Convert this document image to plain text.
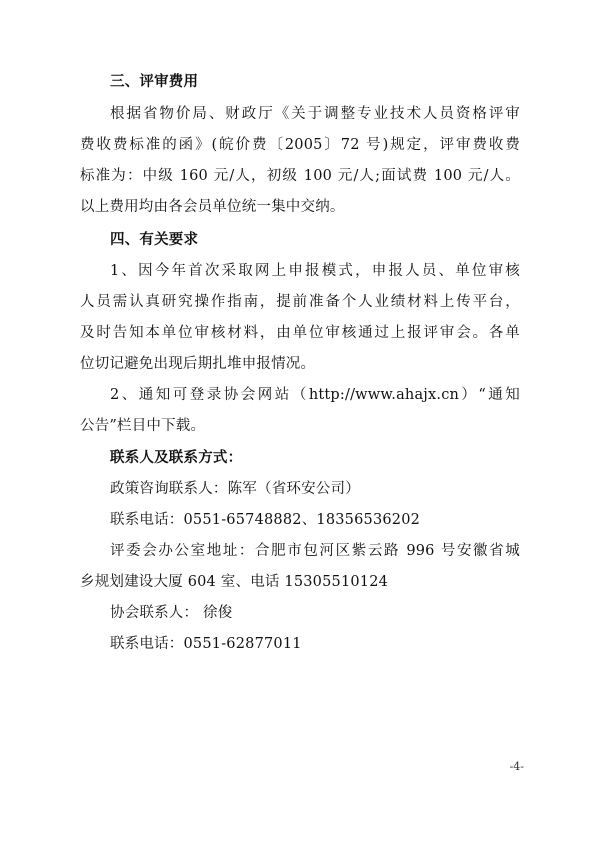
三、评审费用
根据省物价局、财政厅《关于调整专业技术人员资格评审
费收费标准的函》(皖价费〔2005〕72 号)规定，评审费收费
标准为：中级 160 元/人，初级 100 元/人;面试费 100 元/人。
以上费用均由各会员单位统一集中交纳。
四、有关要求
1、因今年首次采取网上申报模式，申报人员、单位审核
人员需认真研究操作指南，提前准备个人业绩材料上传平台，
及时告知本单位审核材料，由单位审核通过上报评审会。各单
位切记避免出现后期扎堆申报情况。
2、通知可登录协会网站（http://www.ahajx.cn）“通知
公告”栏目中下载。
联系人及联系方式：
政策咨询联系人：陈军（省环安公司）
联系电话：0551-65748882、18356536202
评委会办公室地址：合肥市包河区紫云路 996 号安徽省城
乡规划建设大厦 604 室、电话 15305510124
协会联系人： 徐俊
联系电话：0551-62877011
-4-
